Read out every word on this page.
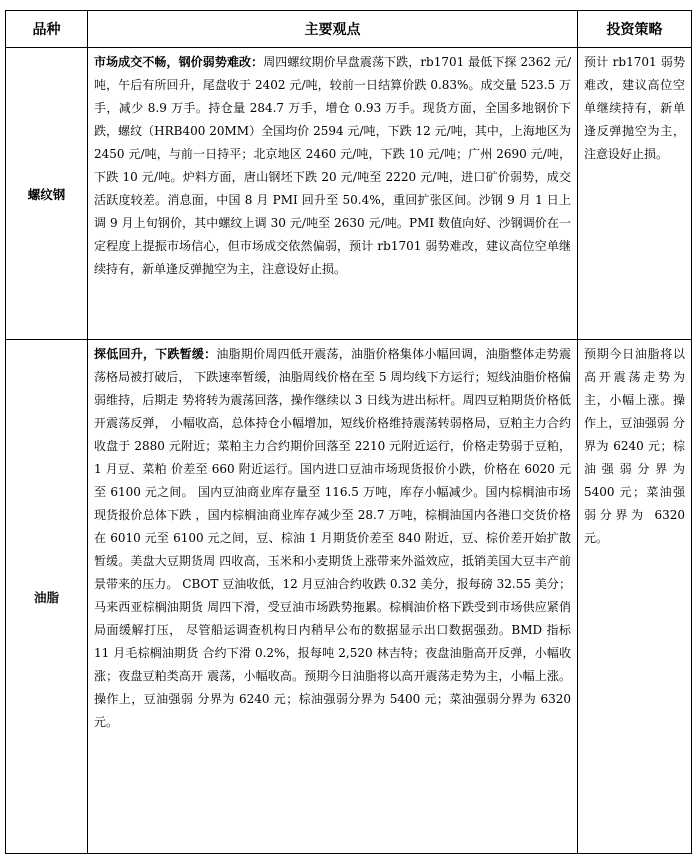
品种	主要观点	投资策略
螺纹钢	市场成交不畅，钢价弱势难改：周四螺纹期价早盘震荡下跌，rb1701 最低下探 2362 元/吨，午后有所回升，尾盘收于 2402 元/吨，较前一日结算价跌 0.83%。成交量 523.5 万手，减少 8.9 万手。持仓量 284.7 万手，增仓 0.93 万手。现货方面，全国多地钢价下跌，螺纹（HRB400 20MM）全国均价 2594 元/吨，下跌 12 元/吨，其中，上海地区为 2450 元/吨，与前一日持平；北京地区 2460 元/吨，下跌 10 元/吨；广州 2690 元/吨，下跌 10 元/吨。炉料方面，唐山钢坯下跌 20 元/吨至 2220 元/吨，进口矿价弱势，成交活跃度较差。消息面，中国 8 月 PMI 回升至 50.4%，重回扩张区间。沙钢 9 月 1 日上调 9 月上旬钢价，其中螺纹上调 30 元/吨至 2630 元/吨。PMI 数值向好、沙钢调价在一定程度上提振市场信心，但市场成交依然偏弱，预计 rb1701 弱势难改，建议高位空单继续持有，新单逢反弹抛空为主，注意设好止损。	预计 rb1701 弱势难改，建议高位空单继续持有，新单逢反弹抛空为主，注意设好止损。
油脂	探低回升，下跌暂缓：油脂期价周四低开震荡，油脂价格集体小幅回调，油脂整体走势震荡格局被打破后， 下跌速率暂缓，油脂周线价格在至 5 周均线下方运行；短线油脂价格偏弱维持，后期走 势将转为震荡回落，操作继续以 3 日线为进出标杆。周四豆粕期货价格低开震荡反弹， 小幅收高，总体持仓小幅增加，短线价格维持震荡转弱格局，豆粕主力合约收盘于 2880 元附近；菜粕主力合约期价回落至 2210 元附近运行，价格走势弱于豆粕，1 月豆、菜粕 价差至 660 附近运行。国内进口豆油市场现货报价小跌，价格在 6020 元至 6100 元之间。 国内豆油商业库存量至 116.5 万吨，库存小幅减少。国内棕榈油市场现货报价总体下跌 ，国内棕榈油商业库存减少至 28.7 万吨，棕榈油国内各港口交货价格在 6010 元至 6100 元之间，豆、棕油 1 月期货价差至 840 附近，豆、棕价差开始扩散暂缓。美盘大豆期货周 四收高，玉米和小麦期货上涨带来外溢效应，抵销美国大豆丰产前景带来的压力。 CBOT 豆油收低，12 月豆油合约收跌 0.32 美分，报每磅 32.55 美分；马来西亚棕榈油期货 周四下滑，受豆油市场跌势拖累。棕榈油价格下跌受到市场供应紧俏局面缓解打压， 尽管船运调查机构日内稍早公布的数据显示出口数据强劲。BMD 指标 11 月毛棕榈油期货 合约下滑 0.2%，报每吨 2,520 林吉特；夜盘油脂高开反弹，小幅收涨；夜盘豆粕类高开 震荡，小幅收高。预期今日油脂将以高开震荡走势为主，小幅上涨。操作上，豆油强弱 分界为 6240 元；棕油强弱分界为 5400 元；菜油强弱分界为 6320 元。	预期今日油脂将以高开震荡走势为主，小幅上涨。操作上，豆油强弱 分界为 6240 元；棕油强弱分界为 5400 元；菜油强弱分界为 6320 元。
